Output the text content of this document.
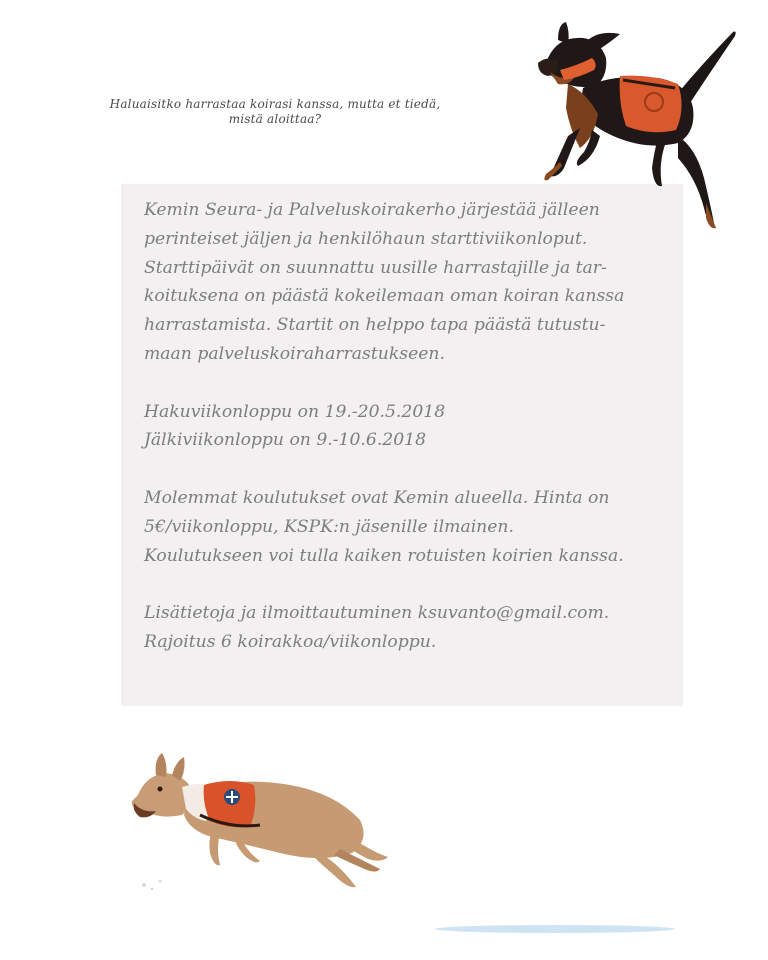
Haluaisitko harrastaa koirasi kanssa, mutta et tiedä,
mistä aloittaa?
Kemin Seura- ja Palveluskoirakerho järjestää jälleen
perinteiset jäljen ja henkilöhaun starttiviikonloput.
Starttipäivät on suunnattu uusille harrastajille ja tar-
koituksena on päästä kokeilemaan oman koiran kanssa
harrastamista. Startit on helppo tapa päästä tutustu-
maan palveluskoiraharrastukseen.
Hakuviikonloppu on 19.-20.5.2018
Jälkiviikonloppu on 9.-10.6.2018
Molemmat koulutukset ovat Kemin alueella. Hinta on
5€/viikonloppu, KSPK:n jäsenille ilmainen.
Koulutukseen voi tulla kaiken rotuisten koirien kanssa.
Lisätietoja ja ilmoittautuminen ksuvanto@gmail.com.
Rajoitus 6 koirakkoa/viikonloppu.
